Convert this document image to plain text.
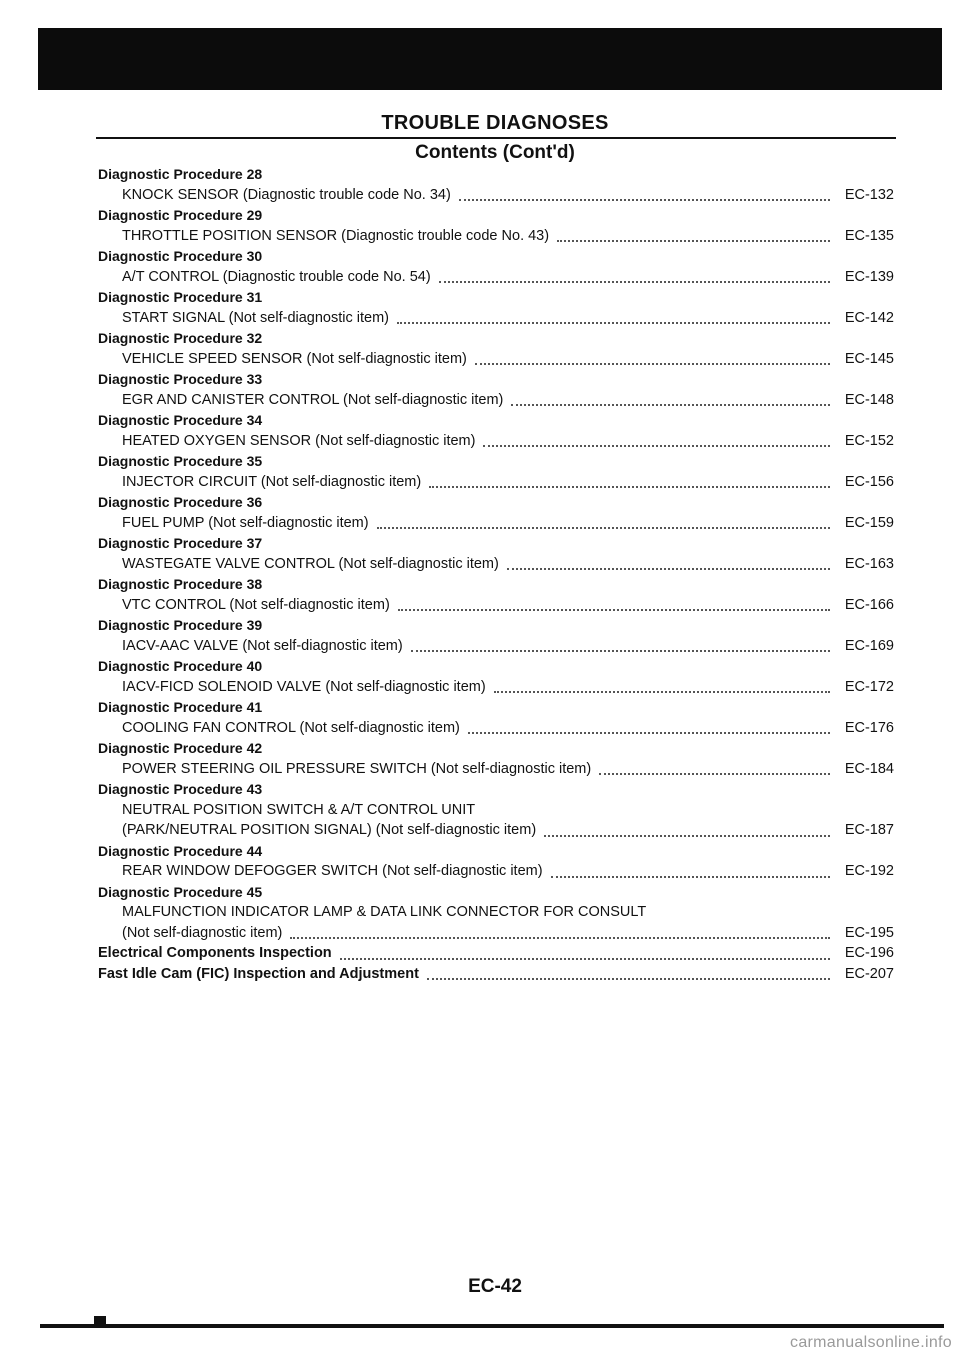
TROUBLE DIAGNOSES
Contents (Cont'd)
Diagnostic Procedure 28
KNOCK SENSOR (Diagnostic trouble code No. 34)	EC-132
Diagnostic Procedure 29
THROTTLE POSITION SENSOR (Diagnostic trouble code No. 43)	EC-135
Diagnostic Procedure 30
A/T CONTROL (Diagnostic trouble code No. 54)	EC-139
Diagnostic Procedure 31
START SIGNAL (Not self-diagnostic item)	EC-142
Diagnostic Procedure 32
VEHICLE SPEED SENSOR (Not self-diagnostic item)	EC-145
Diagnostic Procedure 33
EGR AND CANISTER CONTROL (Not self-diagnostic item)	EC-148
Diagnostic Procedure 34
HEATED OXYGEN SENSOR (Not self-diagnostic item)	EC-152
Diagnostic Procedure 35
INJECTOR CIRCUIT (Not self-diagnostic item)	EC-156
Diagnostic Procedure 36
FUEL PUMP (Not self-diagnostic item)	EC-159
Diagnostic Procedure 37
WASTEGATE VALVE CONTROL (Not self-diagnostic item)	EC-163
Diagnostic Procedure 38
VTC CONTROL (Not self-diagnostic item)	EC-166
Diagnostic Procedure 39
IACV-AAC VALVE (Not self-diagnostic item)	EC-169
Diagnostic Procedure 40
IACV-FICD SOLENOID VALVE (Not self-diagnostic item)	EC-172
Diagnostic Procedure 41
COOLING FAN CONTROL (Not self-diagnostic item)	EC-176
Diagnostic Procedure 42
POWER STEERING OIL PRESSURE SWITCH (Not self-diagnostic item)	EC-184
Diagnostic Procedure 43
NEUTRAL POSITION SWITCH & A/T CONTROL UNIT
(PARK/NEUTRAL POSITION SIGNAL) (Not self-diagnostic item)	EC-187
Diagnostic Procedure 44
REAR WINDOW DEFOGGER SWITCH (Not self-diagnostic item)	EC-192
Diagnostic Procedure 45
MALFUNCTION INDICATOR LAMP & DATA LINK CONNECTOR FOR CONSULT
(Not self-diagnostic item)	EC-195
Electrical Components Inspection	EC-196
Fast Idle Cam (FIC) Inspection and Adjustment	EC-207
EC-42
carmanualsonline.info
